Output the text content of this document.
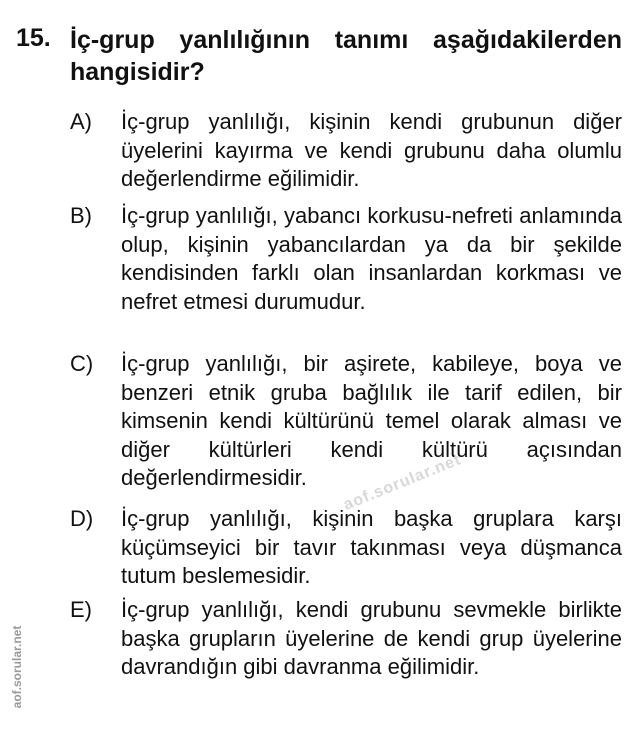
15. İç-grup yanlılığının tanımı aşağıdakilerden hangisidir?
A) İç-grup yanlılığı, kişinin kendi grubunun diğer üyelerini kayırma ve kendi grubunu daha olumlu değerlendirme eğilimidir.
B) İç-grup yanlılığı, yabancı korkusu-nefreti anlamında olup, kişinin yabancılardan ya da bir şekilde kendisinden farklı olan insanlardan korkması ve nefret etmesi durumudur.
C) İç-grup yanlılığı, bir aşirete, kabileye, boya ve benzeri etnik gruba bağlılık ile tarif edilen, bir kimsenin kendi kültürünü temel olarak alması ve diğer kültürleri kendi kültürü açısından değerlendirmesidir.
D) İç-grup yanlılığı, kişinin başka gruplara karşı küçümseyici bir tavır takınması veya düşmanca tutum beslemesidir.
E) İç-grup yanlılığı, kendi grubunu sevmekle birlikte başka grupların üyelerine de kendi grup üyelerine davrandığın gibi davranma eğilimidir.
aof.sorular.net
aof.sorular.net
